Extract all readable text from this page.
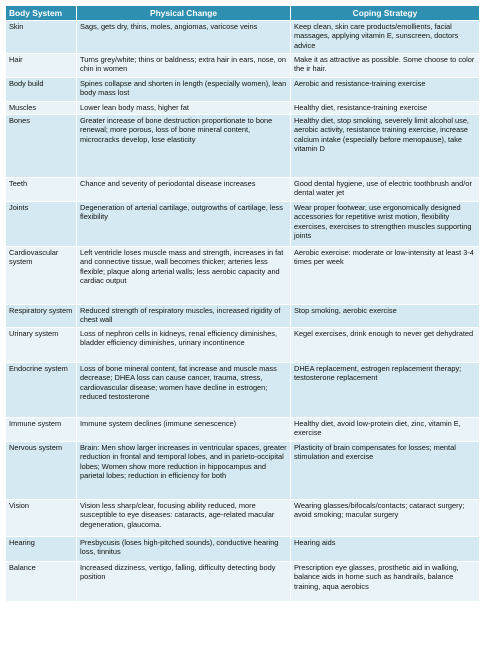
Body System	Physical Change	Coping Strategy
Skin	Sags, gets dry, thins, moles, angiomas, varicose veins	Keep clean, skin care products/emollients, facial massages, applying vitamin E, sunscreen, doctors advice
Hair	Turns grey/white; thins or baldness; extra hair in ears, nose, on chin in women	Make it as attractive as possible. Some choose to color the ir hair.
Body build	Spines collapse and shorten in length (especially women), lean body mass lost	Aerobic and resistance-training exercise
Muscles	Lower lean body mass, higher fat	Healthy diet, resistance-training exercise
Bones	Greater increase of bone destruction proportionate to bone renewal; more porous, loss of bone mineral content, microcracks develop, lose elasticity	Healthy diet, stop smoking, severely limit alcohol use, aerobic activity, resistance training exercise, increase calcium intake (especially before menopause), take vitamin D
Teeth	Chance and severity of periodontal disease increases	Good dental hygiene, use of electric toothbrush and/or dental water jet
Joints	Degeneration of arterial cartilage, outgrowths of cartilage, less flexibility	Wear proper footwear, use ergonomically designed accessories for repetitive wrist motion, flexibility exercises, exercises to strengthen muscles supporting joints
Cardiovascular system	Left ventricle loses muscle mass and strength, increases in fat and connective tissue, wall becomes thicker; arteries less flexible; plaque along arterial walls; less aerobic capacity and cardiac output	Aerobic exercise: moderate or low-intensity at least 3-4 times per week
Respiratory system	Reduced strength of respiratory muscles, increased rigidity of chest wall	Stop smoking, aerobic exercise
Urinary system	Loss of nephron cells in kidneys, renal efficiency diminishes, bladder efficiency diminishes, urinary incontinence	Kegel exercises, drink enough to never get dehydrated
Endocrine system	Loss of bone mineral content, fat increase and muscle mass decrease; DHEA loss can cause cancer, trauma, stress, cardiovascular disease; women have decline in estrogen; reduced testosterone	DHEA replacement, estrogen replacement therapy; testosterone replacement
Immune system	Immune system declines (immune senescence)	Healthy diet, avoid low-protein diet, zinc, vitamin E, exercise
Nervous system	Brain: Men show larger increases in ventricular spaces, greater reduction in frontal and temporal lobes, and in parieto-occipital lobes; Women show more reduction in hippocampus and parietal lobes; reduction in efficiency for both	Plasticity of brain compensates for losses; mental stimulation and exercise
Vision	Vision less sharp/clear, focusing ability reduced, more susceptible to eye diseases: cataracts, age-related macular degeneration, glaucoma.	Wearing glasses/bifocals/contacts; cataract surgery; avoid smoking; macular surgery
Hearing	Presbycusis (loses high-pitched sounds), conductive hearing loss, tinnitus	Hearing aids
Balance	Increased dizziness, vertigo, falling, difficulty detecting body position	Prescription eye glasses, prosthetic aid in walking, balance aids in home such as handrails, balance training, aqua aerobics
